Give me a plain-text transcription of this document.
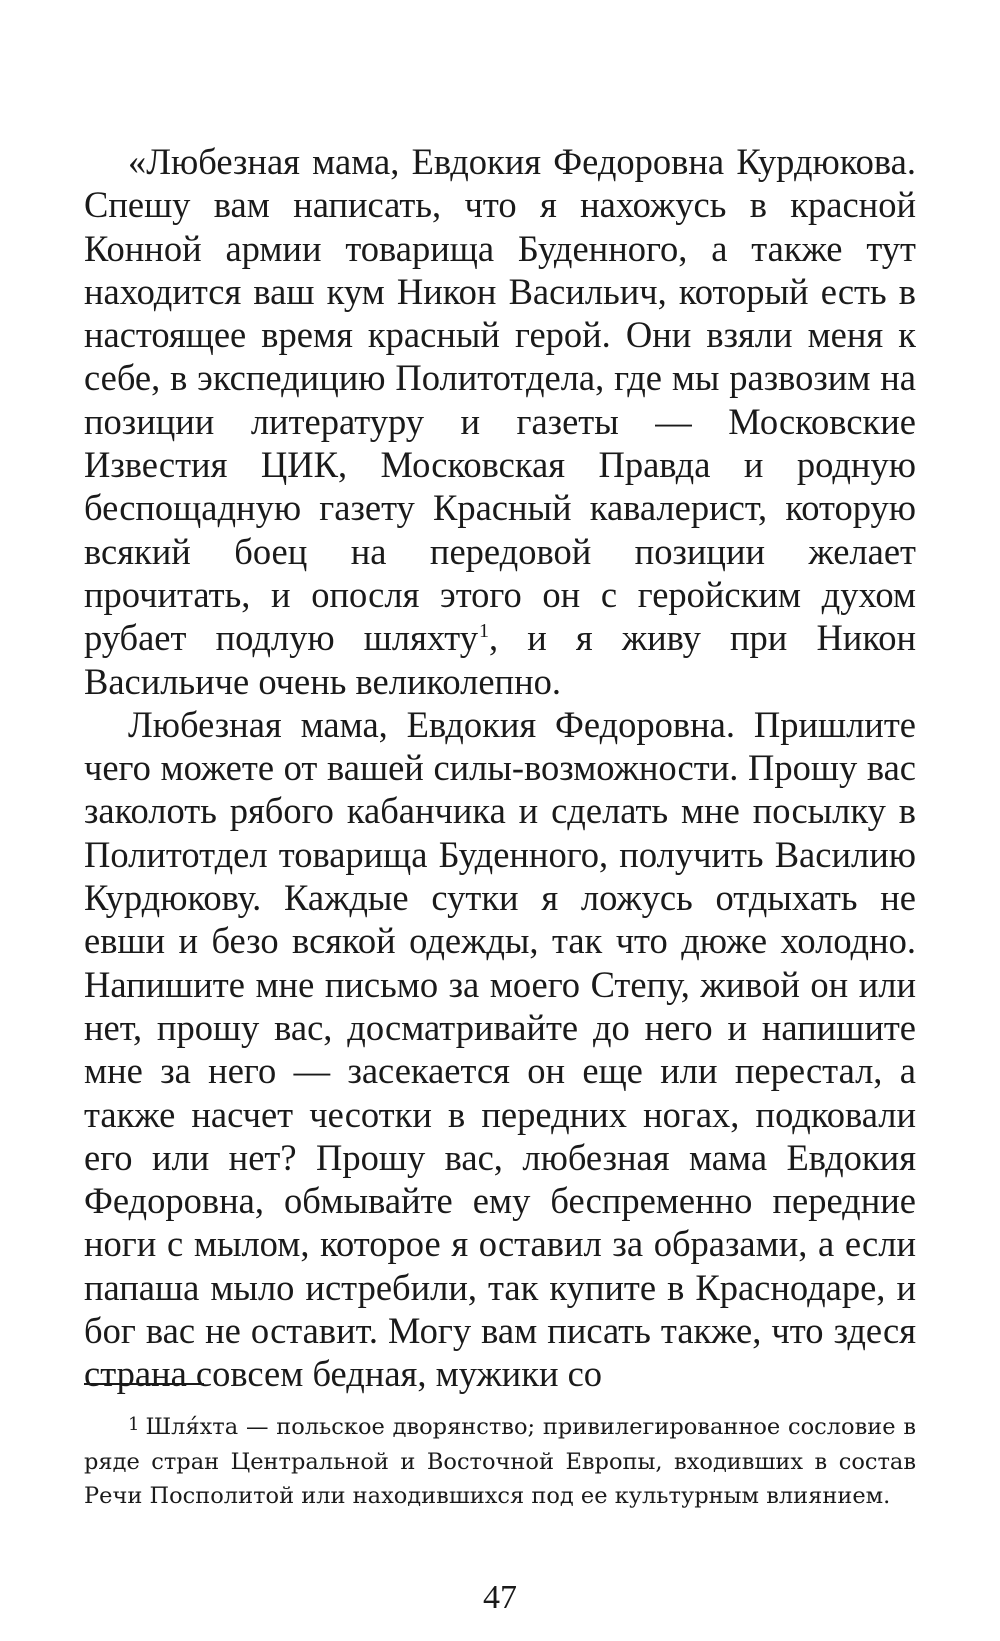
«Любезная мама, Евдокия Федоровна Курдюкова. Спешу вам написать, что я нахожусь в красной Конной армии товарища Буденного, а также тут находится ваш кум Никон Васильич, который есть в настоящее время красный герой. Они взяли меня к себе, в экспедицию Политотдела, где мы развозим на позиции литературу и газеты — Московские Известия ЦИК, Московская Правда и родную беспощадную газету Красный кавалерист, которую всякий боец на передовой позиции желает прочитать, и опосля этого он с геройским духом рубает подлую шляхту$^1$, и я живу при Никон Васильиче очень великолепно.

Любезная мама, Евдокия Федоровна. Пришлите чего можете от вашей силы-возможности. Прошу вас заколоть рябого кабанчика и сделать мне посылку в Политотдел товарища Буденного, получить Василию Курдюкову. Каждые сутки я ложусь отдыхать не евши и безо всякой одежды, так что дюже холодно. Напишите мне письмо за моего Степу, живой он или нет, прошу вас, досматривайте до него и напишите мне за него — засекается он еще или перестал, а также насчет чесотки в передних ногах, подковали его или нет? Прошу вас, любезная мама Евдокия Федоровна, обмывайте ему беспременно передние ноги с мылом, которое я оставил за образами, а если папаша мыло истребили, так купите в Краснодаре, и бог вас не оставит. Могу вам писать также, что здеся страна совсем бедная, мужики со

1 Шля́хта — польское дворянство; привилегированное сословие в ряде стран Центральной и Восточной Европы, входивших в состав Речи Посполитой или находившихся под ее культурным влиянием.

47
